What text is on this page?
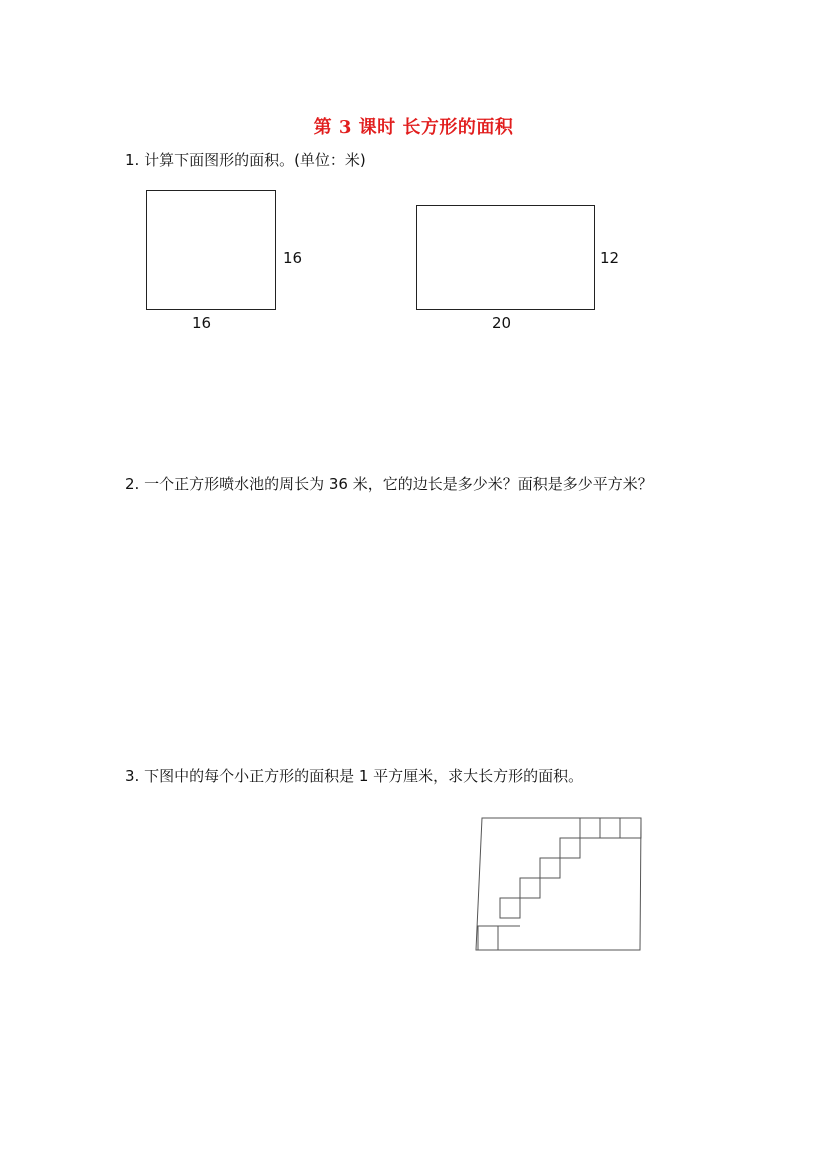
第 3 课时 长方形的面积
1. 计算下面图形的面积。(单位：米)
16
16
12
20
2. 一个正方形喷水池的周长为 36 米，它的边长是多少米？面积是多少平方米？
3. 下图中的每个小正方形的面积是 1 平方厘米，求大长方形的面积。
